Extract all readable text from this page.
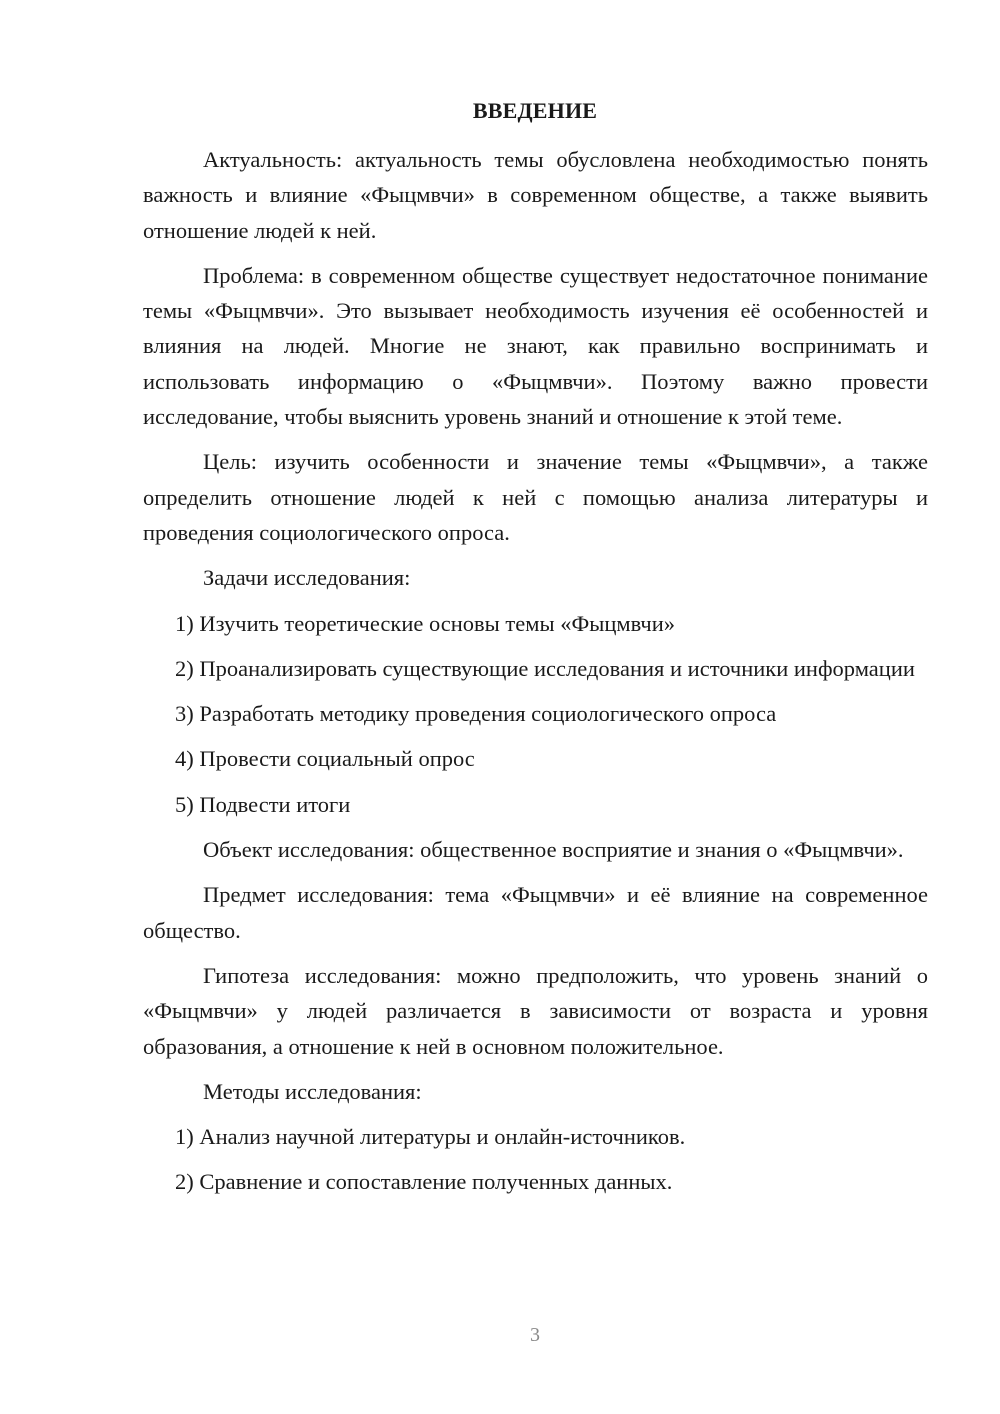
ВВЕДЕНИЕ

Актуальность: актуальность темы обусловлена необходимостью понять важность и влияние «Фыцмвчи» в современном обществе, а также выявить отношение людей к ней.

Проблема: в современном обществе существует недостаточное понимание темы «Фыцмвчи». Это вызывает необходимость изучения её особенностей и влияния на людей. Многие не знают, как правильно воспринимать и использовать информацию о «Фыцмвчи». Поэтому важно провести исследование, чтобы выяснить уровень знаний и отношение к этой теме.

Цель: изучить особенности и значение темы «Фыцмвчи», а также определить отношение людей к ней с помощью анализа литературы и проведения социологического опроса.

Задачи исследования:

1) Изучить теоретические основы темы «Фыцмвчи»

2) Проанализировать существующие исследования и источники информации

3) Разработать методику проведения социологического опроса

4) Провести социальный опрос

5) Подвести итоги

Объект исследования: общественное восприятие и знания о «Фыцмвчи».

Предмет исследования: тема «Фыцмвчи» и её влияние на современное общество.

Гипотеза исследования: можно предположить, что уровень знаний о «Фыцмвчи» у людей различается в зависимости от возраста и уровня образования, а отношение к ней в основном положительное.

Методы исследования:

1) Анализ научной литературы и онлайн-источников.

2) Сравнение и сопоставление полученных данных.

3
